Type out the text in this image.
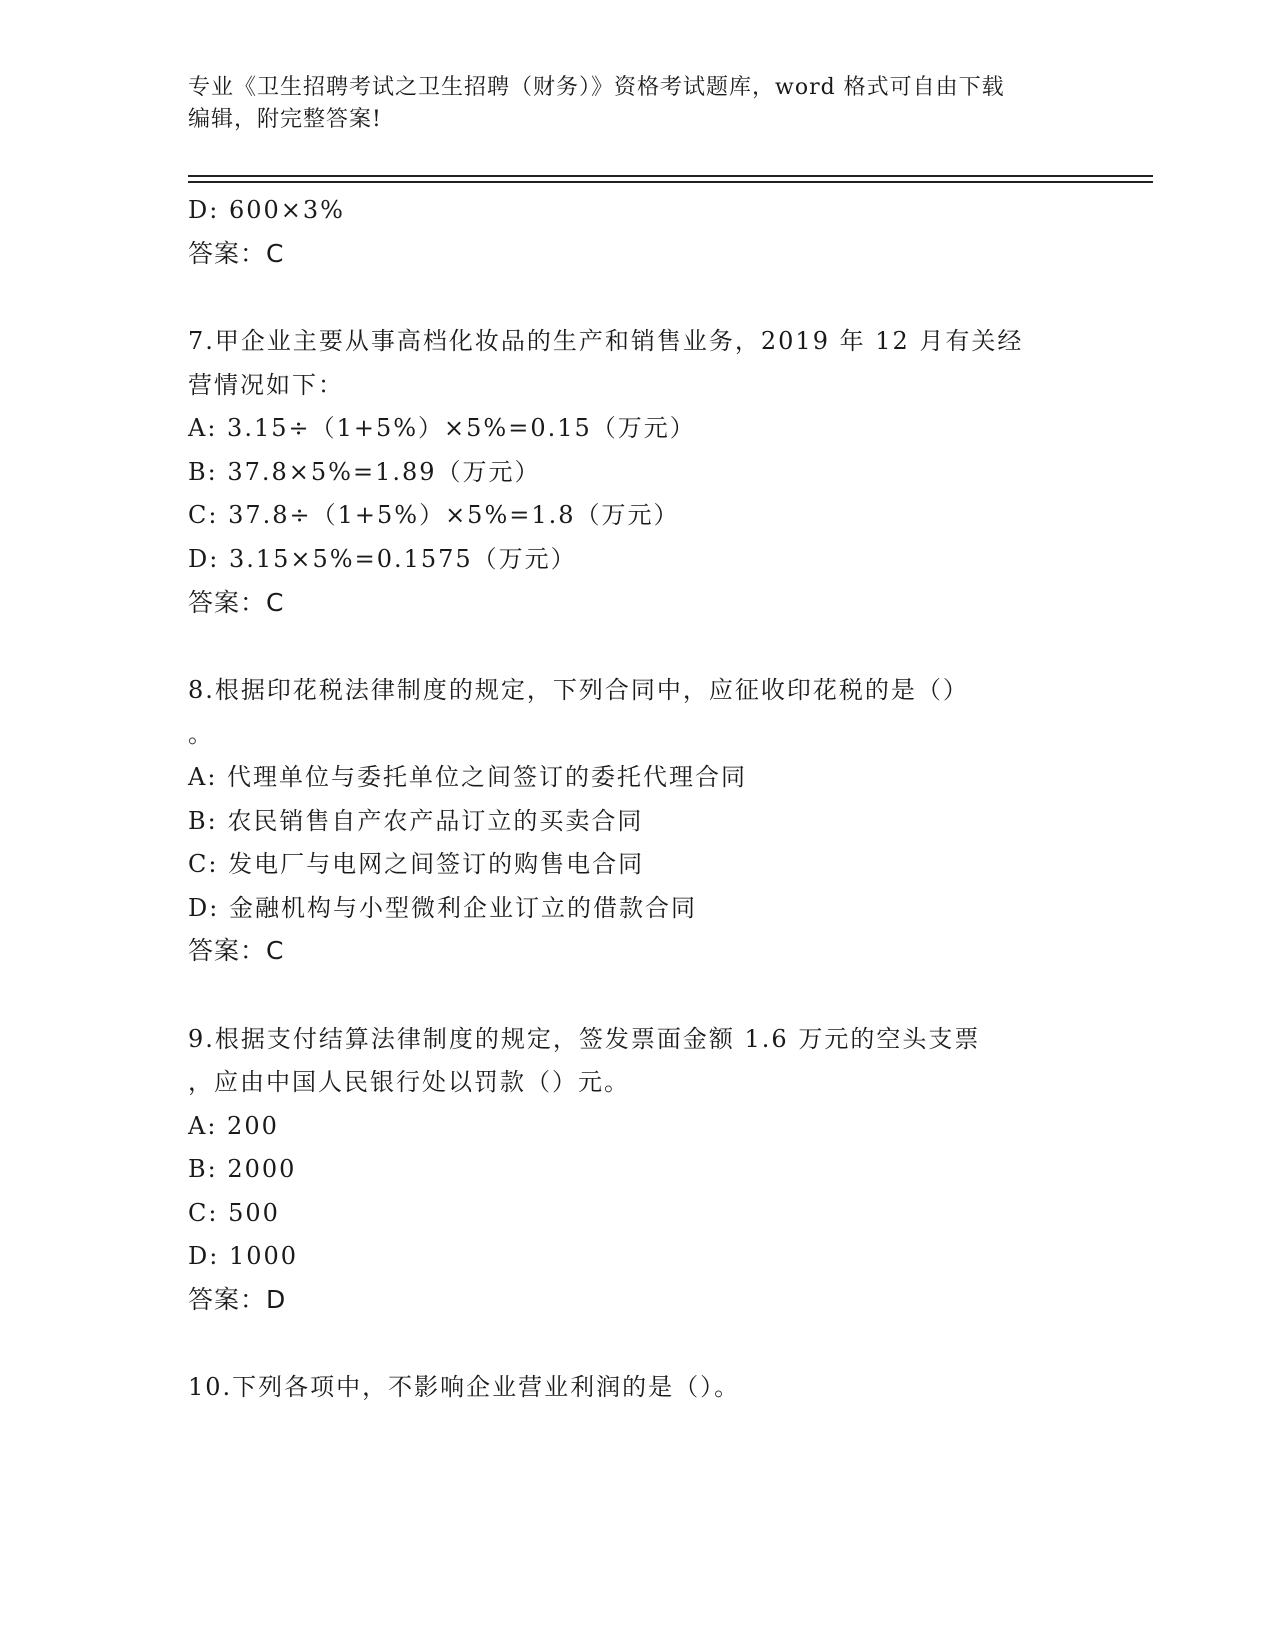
专业《卫生招聘考试之卫生招聘（财务）》资格考试题库，word 格式可自由下载
编辑，附完整答案!
D: 600×3%
答案：C
7.甲企业主要从事高档化妆品的生产和销售业务，2019 年 12 月有关经
营情况如下：
A: 3.15÷（1+5%）×5%=0.15（万元）
B: 37.8×5%=1.89（万元）
C: 37.8÷（1+5%）×5%=1.8（万元）
D: 3.15×5%=0.1575（万元）
答案：C
8.根据印花税法律制度的规定，下列合同中，应征收印花税的是（）
。
A: 代理单位与委托单位之间签订的委托代理合同
B: 农民销售自产农产品订立的买卖合同
C: 发电厂与电网之间签订的购售电合同
D: 金融机构与小型微利企业订立的借款合同
答案：C
9.根据支付结算法律制度的规定，签发票面金额 1.6 万元的空头支票
，应由中国人民银行处以罚款（）元。
A: 200
B: 2000
C: 500
D: 1000
答案：D
10.下列各项中，不影响企业营业利润的是（）。
